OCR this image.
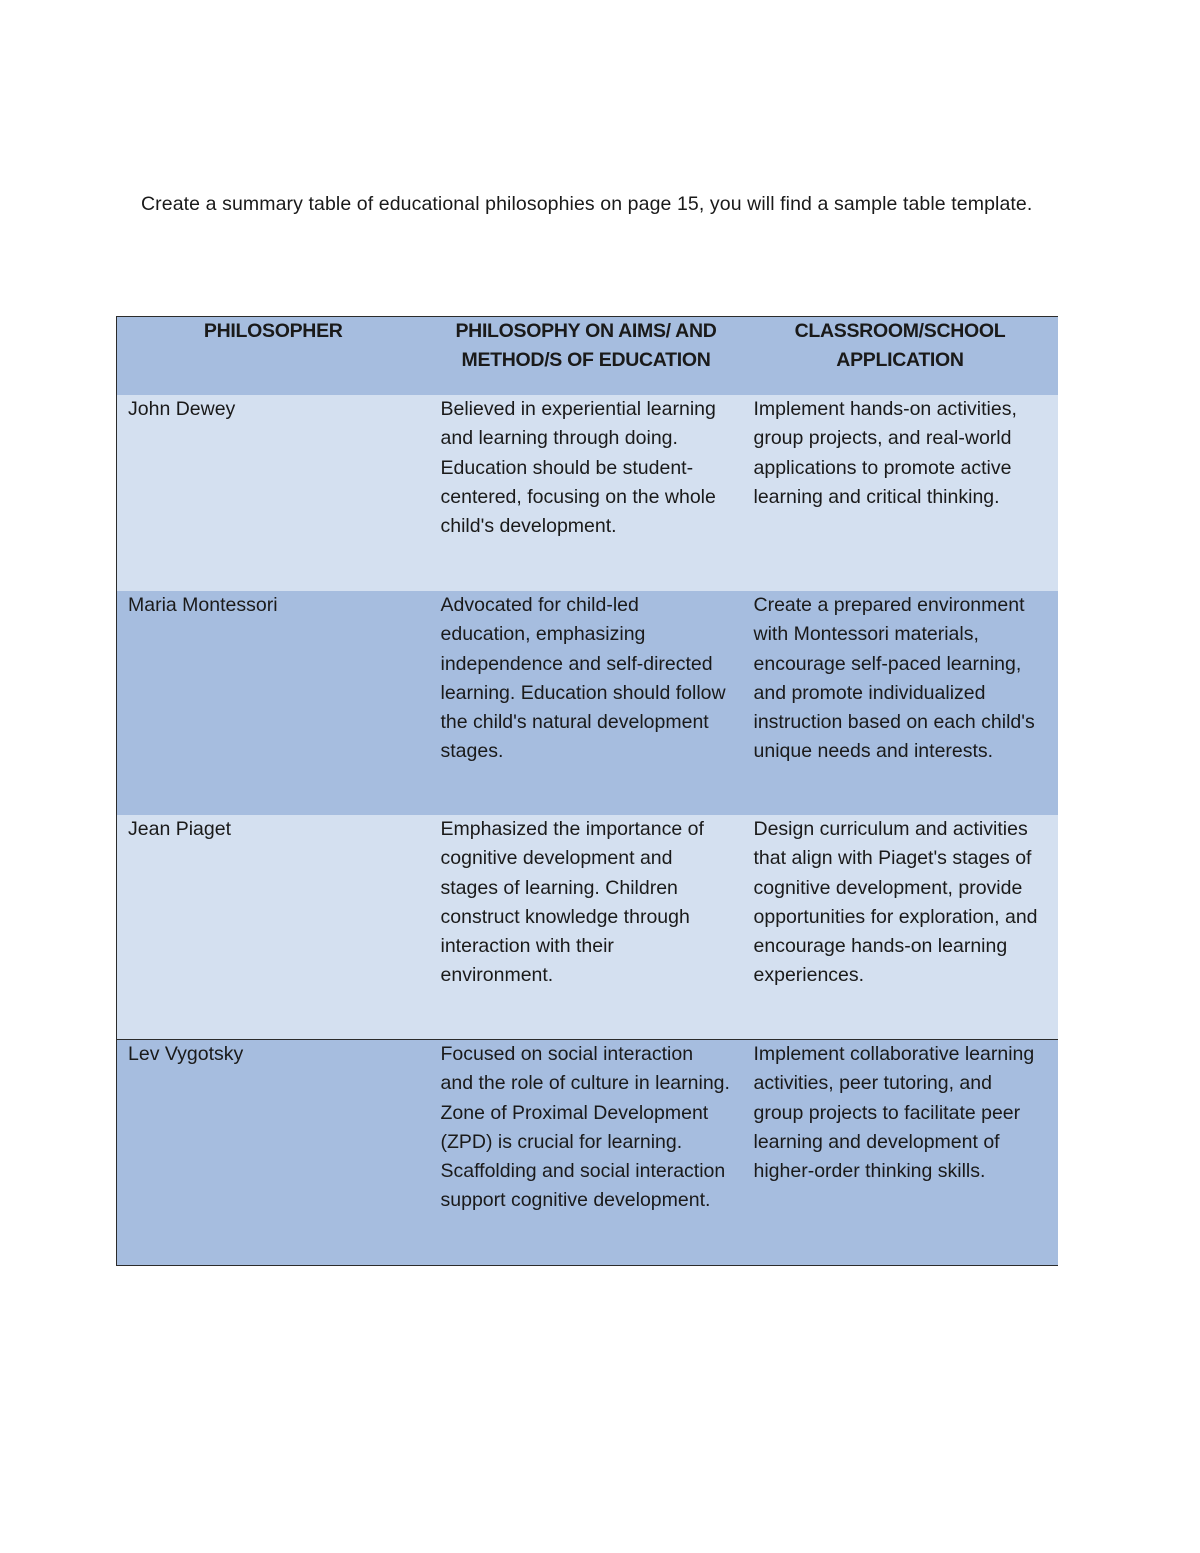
Create a summary table of educational philosophies on page 15, you will find a sample table template.

PHILOSOPHER	PHILOSOPHY ON AIMS/ AND METHOD/S OF EDUCATION	CLASSROOM/SCHOOL APPLICATION
John Dewey	Believed in experiential learning and learning through doing. Education should be student-centered, focusing on the whole child's development.	Implement hands-on activities, group projects, and real-world applications to promote active learning and critical thinking.
Maria Montessori	Advocated for child-led education, emphasizing independence and self-directed learning. Education should follow the child's natural development stages.	Create a prepared environment with Montessori materials, encourage self-paced learning, and promote individualized instruction based on each child's unique needs and interests.
Jean Piaget	Emphasized the importance of cognitive development and stages of learning. Children construct knowledge through interaction with their environment.	Design curriculum and activities that align with Piaget's stages of cognitive development, provide opportunities for exploration, and encourage hands-on learning experiences.
Lev Vygotsky	Focused on social interaction and the role of culture in learning. Zone of Proximal Development (ZPD) is crucial for learning. Scaffolding and social interaction support cognitive development.	Implement collaborative learning activities, peer tutoring, and group projects to facilitate peer learning and development of higher-order thinking skills.
